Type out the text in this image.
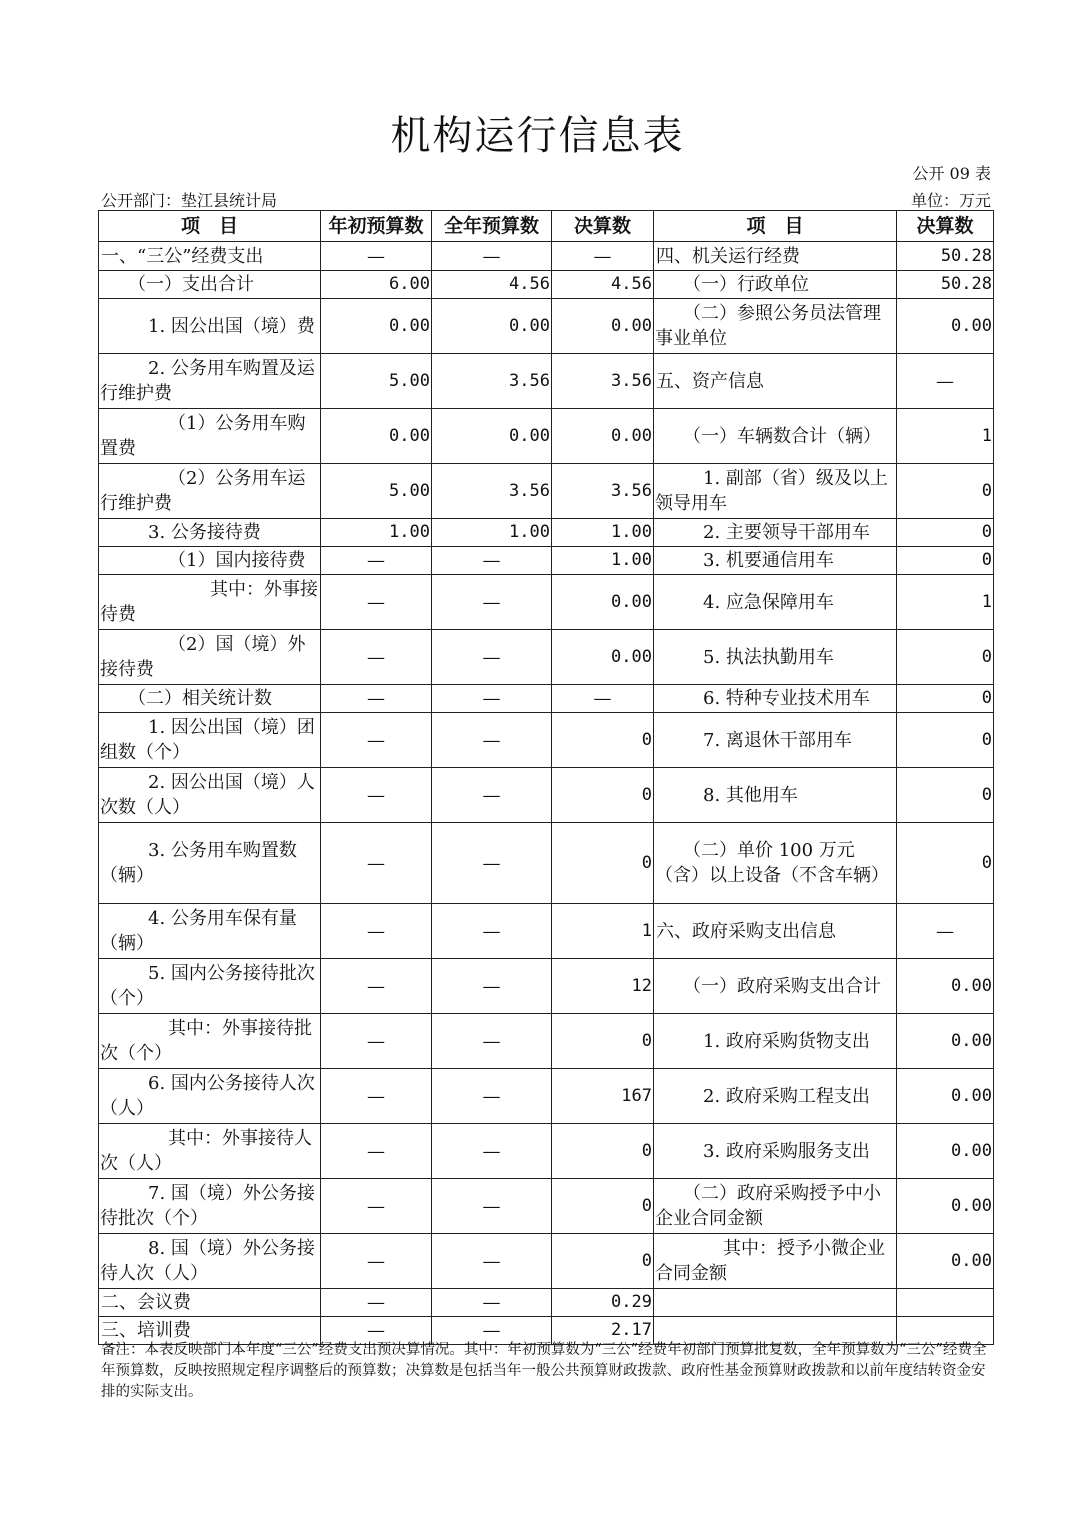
机构运行信息表
公开 09 表
公开部门：垫江县统计局	单位：万元
项　目	年初预算数	全年预算数	决算数	项　目	决算数
一、“三公”经费支出	—	—	—	四、机关运行经费	50.28
（一）支出合计	6.00	4.56	4.56	（一）行政单位	50.28
1. 因公出国（境）费	0.00	0.00	0.00	（二）参照公务员法管理事业单位	0.00
2. 公务用车购置及运行维护费	5.00	3.56	3.56	五、资产信息	—
（1）公务用车购置费	0.00	0.00	0.00	（一）车辆数合计（辆）	1
（2）公务用车运行维护费	5.00	3.56	3.56	1. 副部（省）级及以上领导用车	0
3. 公务接待费	1.00	1.00	1.00	2. 主要领导干部用车	0
（1）国内接待费	—	—	1.00	3. 机要通信用车	0
其中：外事接待费	—	—	0.00	4. 应急保障用车	1
（2）国（境）外接待费	—	—	0.00	5. 执法执勤用车	0
（二）相关统计数	—	—	—	6. 特种专业技术用车	0
1. 因公出国（境）团组数（个）	—	—	0	7. 离退休干部用车	0
2. 因公出国（境）人次数（人）	—	—	0	8. 其他用车	0
3. 公务用车购置数（辆）	—	—	0	（二）单价 100 万元（含）以上设备（不含车辆）	0
4. 公务用车保有量（辆）	—	—	1	六、政府采购支出信息	—
5. 国内公务接待批次（个）	—	—	12	（一）政府采购支出合计	0.00
其中：外事接待批次（个）	—	—	0	1. 政府采购货物支出	0.00
6. 国内公务接待人次（人）	—	—	167	2. 政府采购工程支出	0.00
其中：外事接待人次（人）	—	—	0	3. 政府采购服务支出	0.00
7. 国（境）外公务接待批次（个）	—	—	0	（二）政府采购授予中小企业合同金额	0.00
8. 国（境）外公务接待人次（人）	—	—	0	其中：授予小微企业合同金额	0.00
二、会议费	—	—	0.29		
三、培训费	—	—	2.17		
备注：本表反映部门本年度“三公”经费支出预决算情况。其中：年初预算数为“三公”经费年初部门预算批复数，全年预算数为“三公”经费全年预算数，反映按照规定程序调整后的预算数；决算数是包括当年一般公共预算财政拨款、政府性基金预算财政拨款和以前年度结转资金安排的实际支出。
